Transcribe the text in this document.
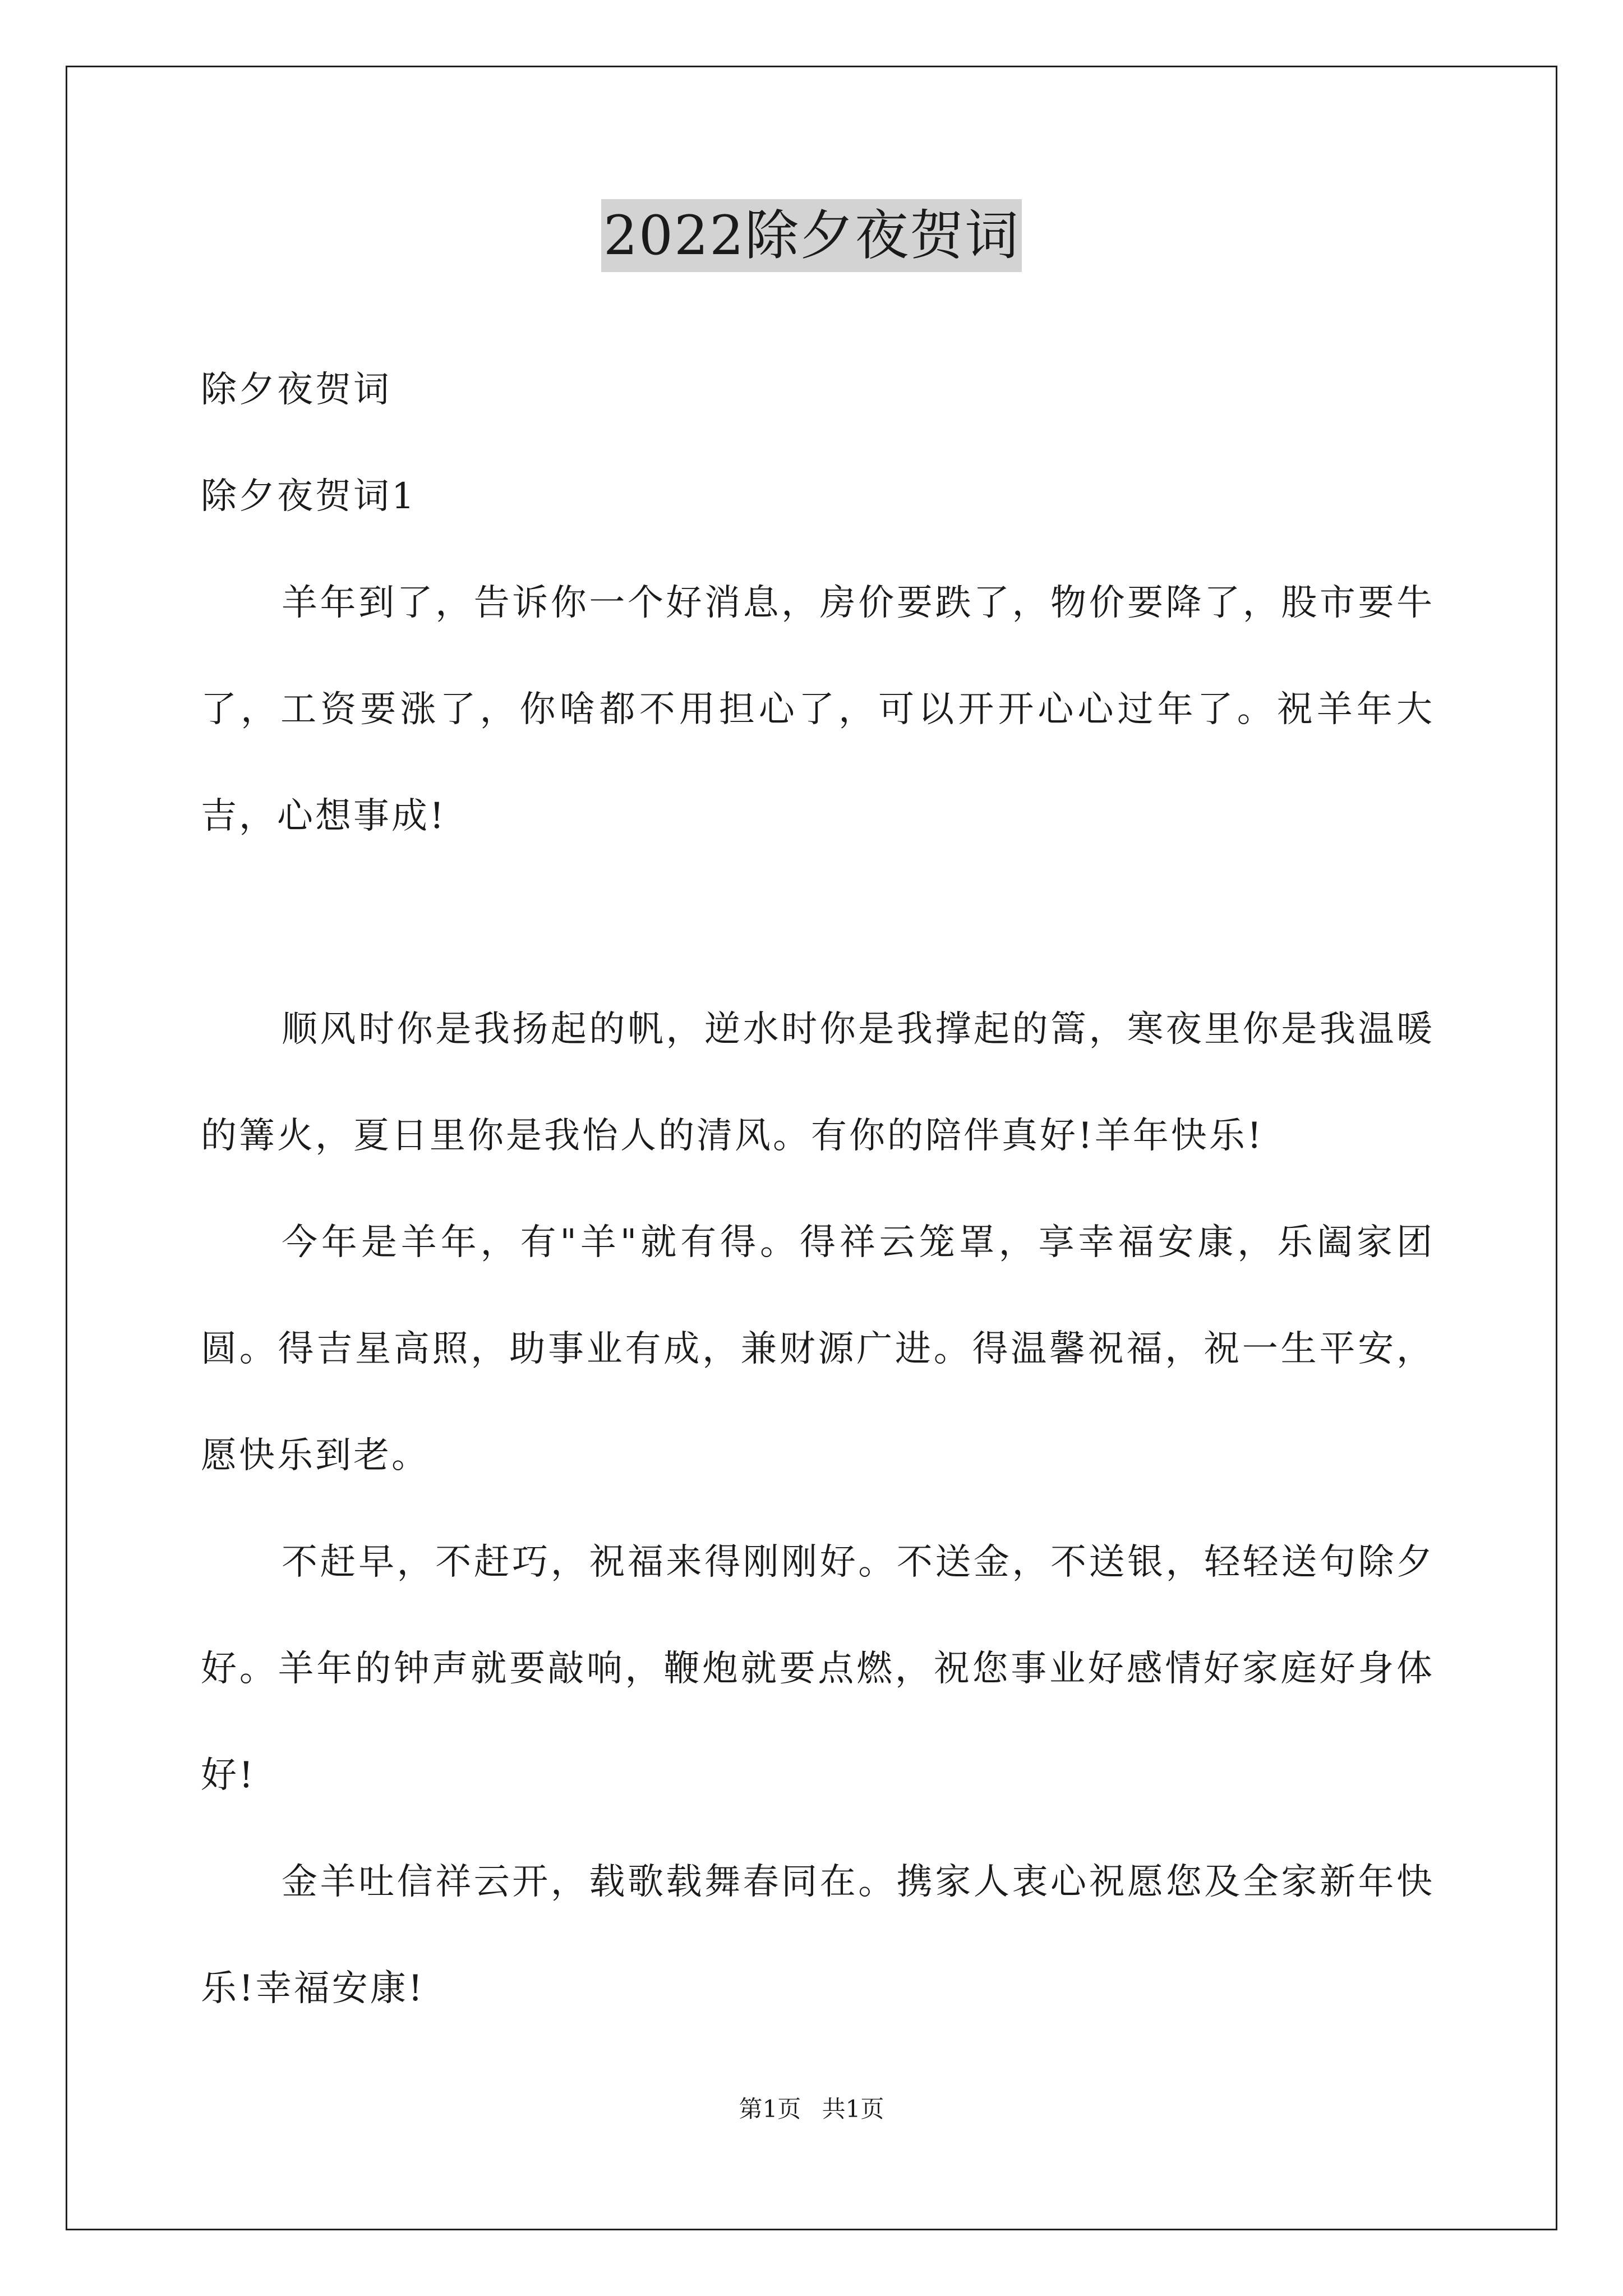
2022除夕夜贺词

除夕夜贺词

除夕夜贺词1

羊年到了，告诉你一个好消息，房价要跌了，物价要降了，股市要牛了，工资要涨了，你啥都不用担心了，可以开开心心过年了。祝羊年大吉，心想事成!

顺风时你是我扬起的帆，逆水时你是我撑起的篙，寒夜里你是我温暖的篝火，夏日里你是我怡人的清风。有你的陪伴真好!羊年快乐!

今年是羊年，有"羊"就有得。得祥云笼罩，享幸福安康，乐阖家团圆。得吉星高照，助事业有成，兼财源广进。得温馨祝福，祝一生平安，愿快乐到老。

不赶早，不赶巧，祝福来得刚刚好。不送金，不送银，轻轻送句除夕好。羊年的钟声就要敲响，鞭炮就要点燃，祝您事业好感情好家庭好身体好!

金羊吐信祥云开，载歌载舞春同在。携家人衷心祝愿您及全家新年快乐!幸福安康!

第1页 共1页
